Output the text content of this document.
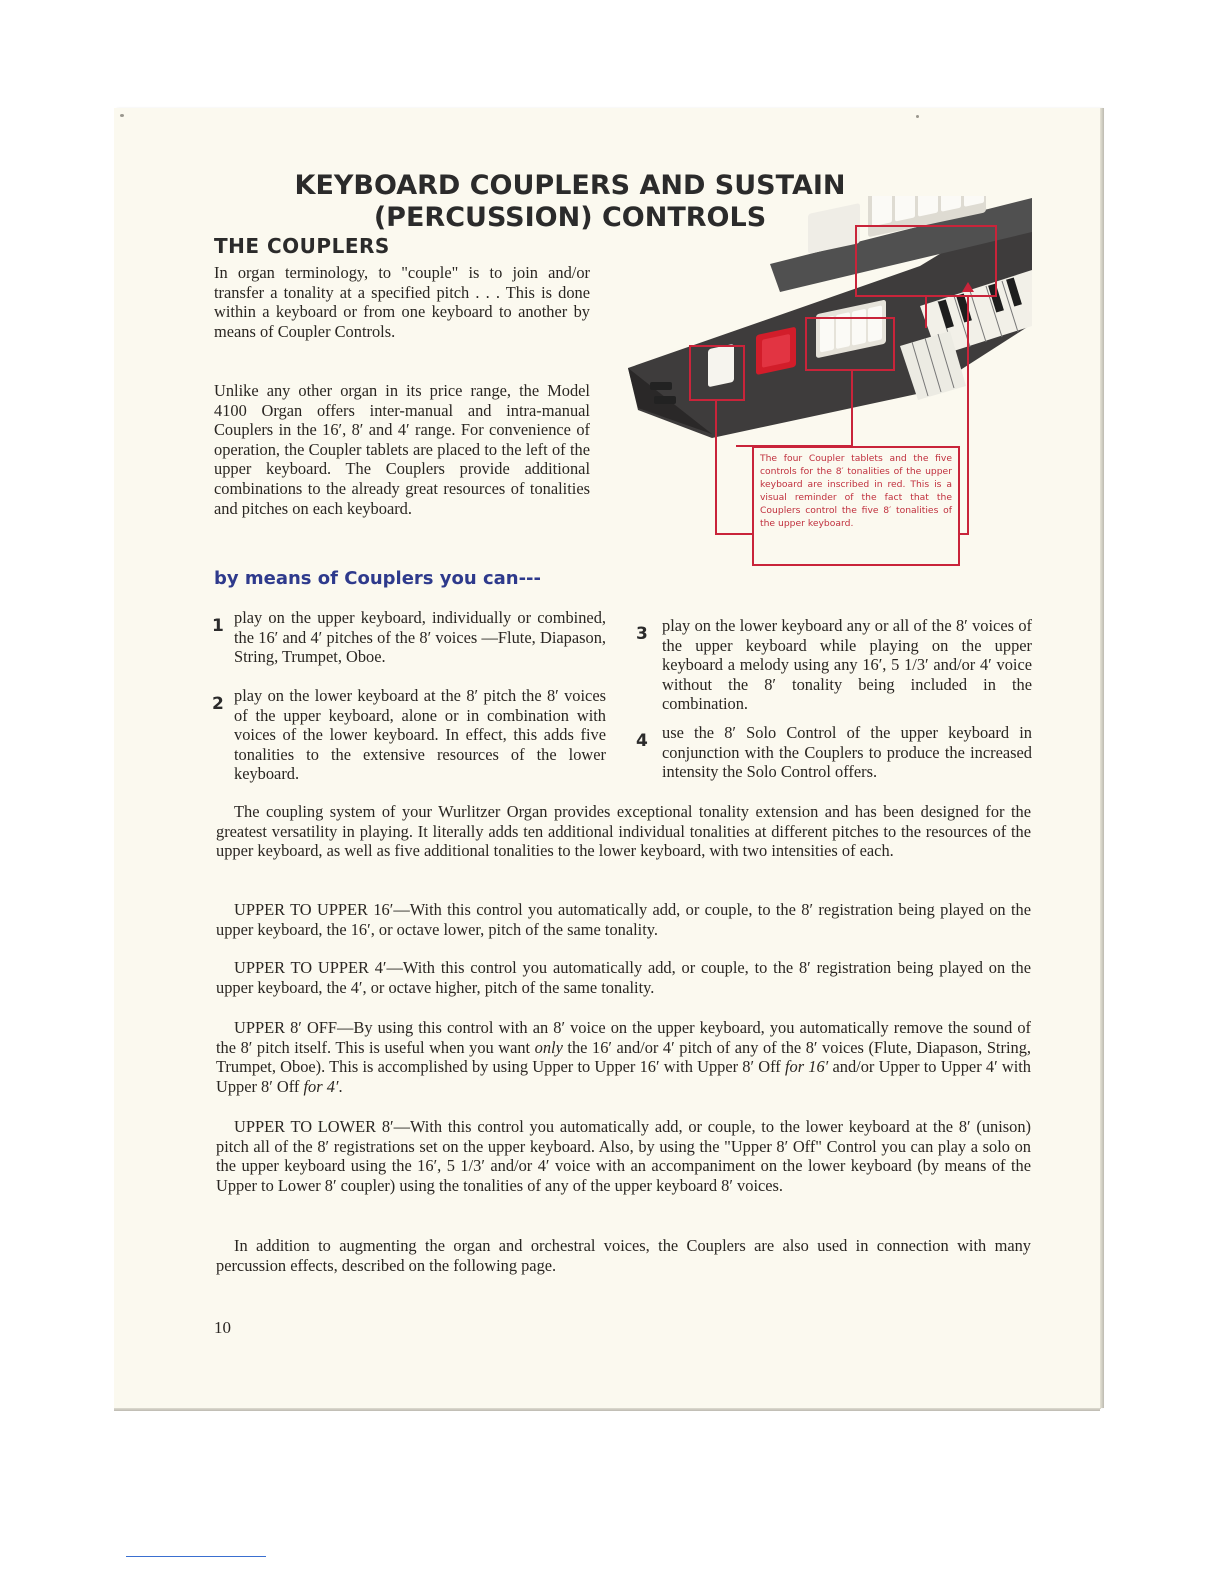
The four Coupler tablets and the five controls for the 8′ tonalities of the upper keyboard are inscribed in red. This is a visual reminder of the fact that the Couplers control the five 8′ tonalities of the upper keyboard.

KEYBOARD COUPLERS AND SUSTAIN
(PERCUSSION) CONTROLS
THE COUPLERS

In organ terminology, to "couple" is to join and/or transfer a tonality at a specified pitch . . . This is done within a keyboard or from one keyboard to another by means of Coupler Controls.

Unlike any other organ in its price range, the Model 4100 Organ offers inter-manual and intra-manual Couplers in the 16′, 8′ and 4′ range. For convenience of operation, the Coupler tablets are placed to the left of the upper keyboard. The Couplers provide additional combinations to the already great resources of tonalities and pitches on each keyboard.

by means of Couplers you can---
1 play on the upper keyboard, individually or combined, the 16′ and 4′ pitches of the 8′ voices —Flute, Diapason, String, Trumpet, Oboe.

2 play on the lower keyboard at the 8′ pitch the 8′ voices of the upper keyboard, alone or in combination with voices of the lower keyboard. In effect, this adds five tonalities to the extensive resources of the lower keyboard.

3 play on the lower keyboard any or all of the 8′ voices of the upper keyboard while playing on the upper keyboard a melody using any 16′, 5 1/3′ and/or 4′ voice without the 8′ tonality being included in the combination.

4 use the 8′ Solo Control of the upper keyboard in conjunction with the Couplers to produce the increased intensity the Solo Control offers.

The coupling system of your Wurlitzer Organ provides exceptional tonality extension and has been designed for the greatest versatility in playing. It literally adds ten additional individual tonalities at different pitches to the resources of the upper keyboard, as well as five additional tonalities to the lower keyboard, with two intensities of each.

UPPER TO UPPER 16′—With this control you automatically add, or couple, to the 8′ registration being played on the upper keyboard, the 16′, or octave lower, pitch of the same tonality.

UPPER TO UPPER 4′—With this control you automatically add, or couple, to the 8′ registration being played on the upper keyboard, the 4′, or octave higher, pitch of the same tonality.

UPPER 8′ OFF—By using this control with an 8′ voice on the upper keyboard, you automatically remove the sound of the 8′ pitch itself. This is useful when you want only the 16′ and/or 4′ pitch of any of the 8′ voices (Flute, Diapason, String, Trumpet, Oboe). This is accomplished by using Upper to Upper 16′ with Upper 8′ Off for 16′ and/or Upper to Upper 4′ with Upper 8′ Off for 4′.

UPPER TO LOWER 8′—With this control you automatically add, or couple, to the lower keyboard at the 8′ (unison) pitch all of the 8′ registrations set on the upper keyboard. Also, by using the "Upper 8′ Off" Control you can play a solo on the upper keyboard using the 16′, 5 1/3′ and/or 4′ voice with an accompaniment on the lower keyboard (by means of the Upper to Lower 8′ coupler) using the tonalities of any of the upper keyboard 8′ voices.

In addition to augmenting the organ and orchestral voices, the Couplers are also used in connection with many percussion effects, described on the following page.

10
